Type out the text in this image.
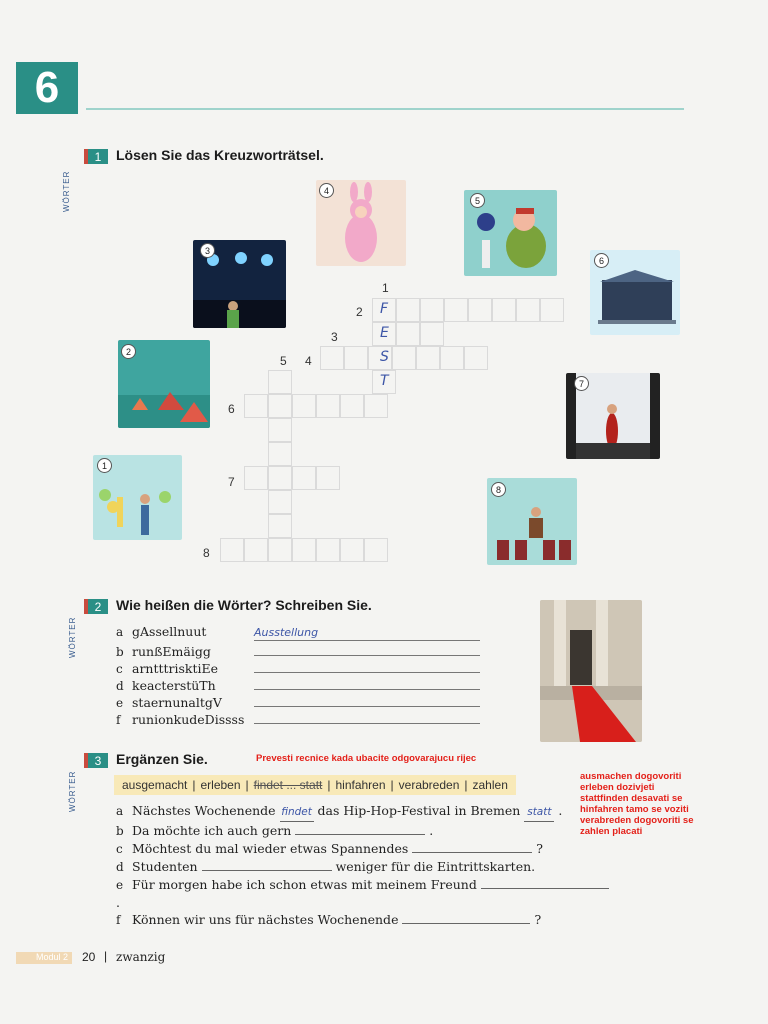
6
WÖRTER
WÖRTER
WÖRTER
1	Lösen Sie das Kreuzworträtsel.
4
5
3
6
2
7
1
8
1
2
3
4
5
6
7
8
F
E
S
T
2	Wie heißen die Wörter? Schreiben Sie.
a gAssellnuut	Ausstellung
b runßEmäigg
c arntttrisktiEe
d keacterstüTh
e staernunaltgV
f runionkudeDissss
3	Ergänzen Sie.	Prevesti recnice kada ubacite odgovarajucu rijec
ausgemacht | erleben | findet ... statt | hinfahren | verabreden | zahlen
ausmachen dogovoriti
erleben dozivjeti
stattfinden desavati se
hinfahren tamo se voziti
verabreden dogovoriti se
zahlen placati
a Nächstes Wochenende findet das Hip-Hop-Festival in Bremen statt .
b Da möchte ich auch gern	.
c Möchtest du mal wieder etwas Spannendes	?
d Studenten	weniger für die Eintrittskarten.
e Für morgen habe ich schon etwas mit meinem Freund.
f Können wir uns für nächstes Wochenende	?
Modul 2	20 | zwanzig
